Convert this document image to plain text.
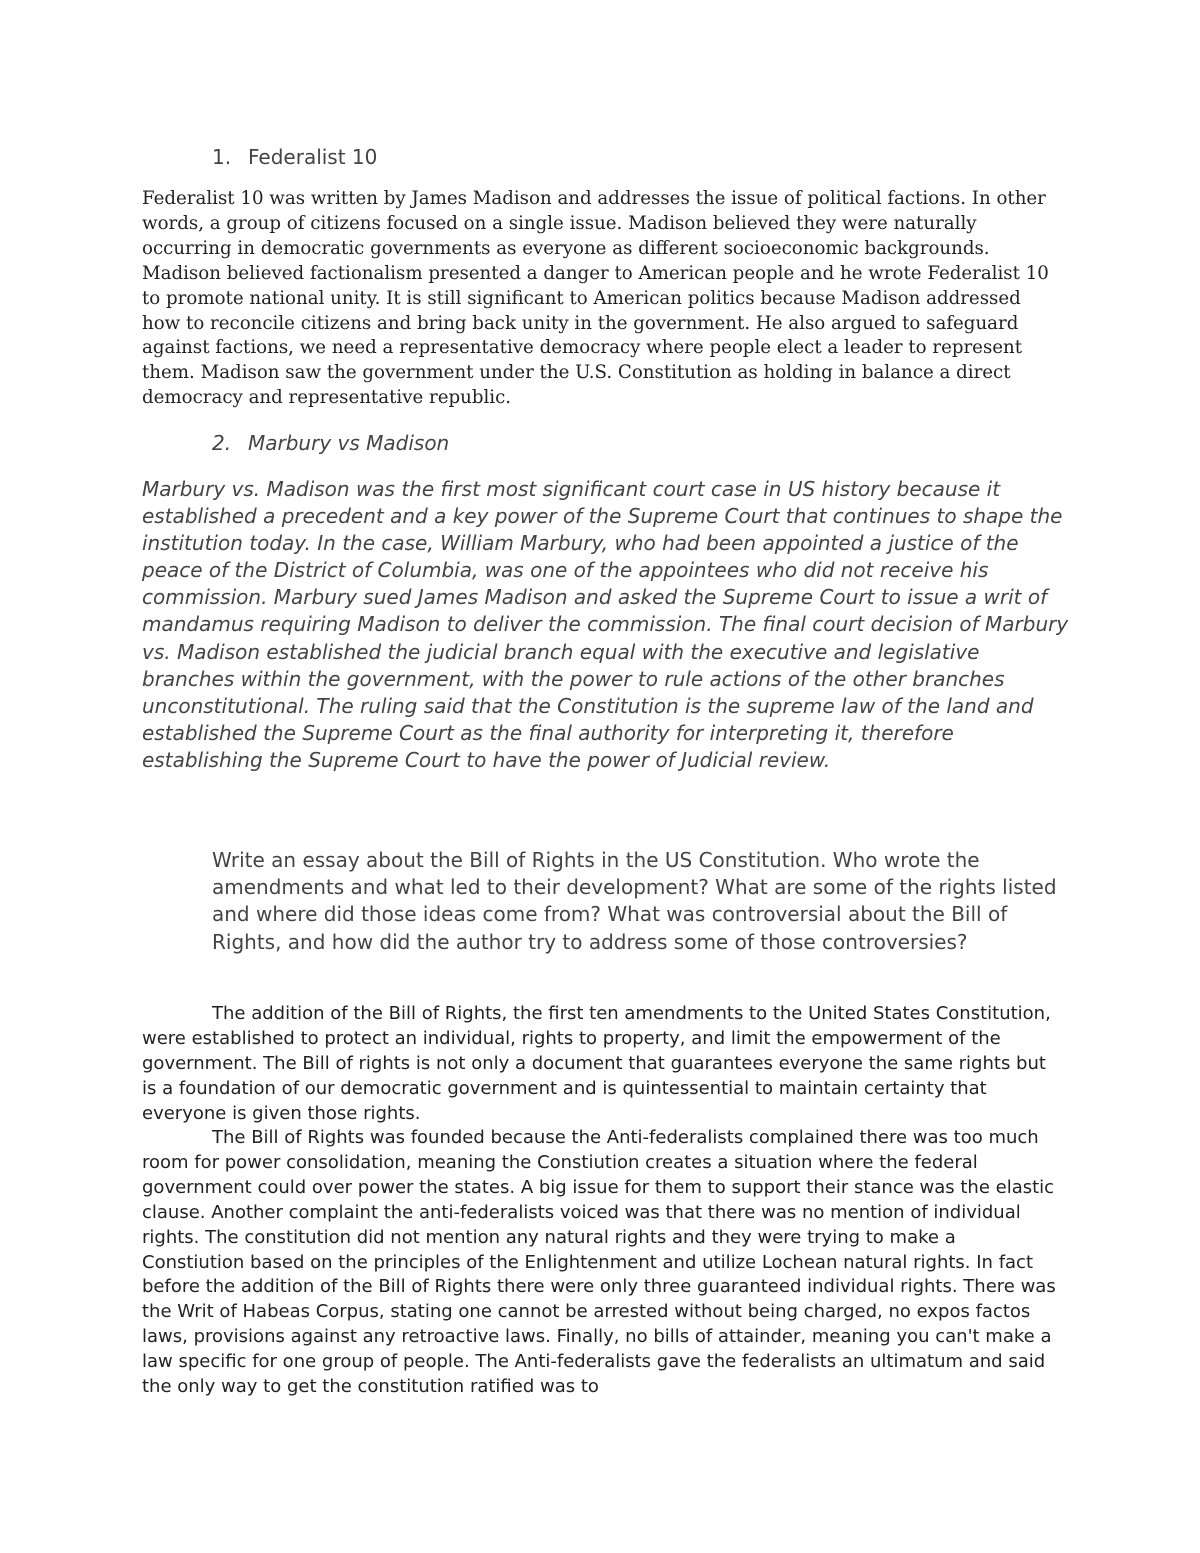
1. Federalist 10

Federalist 10 was written by James Madison and addresses the issue of political factions. In other words, a group of citizens focused on a single issue. Madison believed they were naturally occurring in democratic governments as everyone as different socioeconomic backgrounds. Madison believed factionalism presented a danger to American people and he wrote Federalist 10 to promote national unity. It is still significant to American politics because Madison addressed how to reconcile citizens and bring back unity in the government. He also argued to safeguard against factions, we need a representative democracy where people elect a leader to represent them. Madison saw the government under the U.S. Constitution as holding in balance a direct democracy and representative republic.

2. Marbury vs Madison

Marbury vs. Madison was the first most significant court case in US history because it established a precedent and a key power of the Supreme Court that continues to shape the institution today. In the case, William Marbury, who had been appointed a justice of the peace of the District of Columbia, was one of the appointees who did not receive his commission. Marbury sued James Madison and asked the Supreme Court to issue a writ of mandamus requiring Madison to deliver the commission. The final court decision of Marbury vs. Madison established the judicial branch equal with the executive and legislative branches within the government, with the power to rule actions of the other branches unconstitutional. The ruling said that the Constitution is the supreme law of the land and established the Supreme Court as the final authority for interpreting it, therefore establishing the Supreme Court to have the power of Judicial review.

Write an essay about the Bill of Rights in the US Constitution. Who wrote the amendments and what led to their development? What are some of the rights listed and where did those ideas come from? What was controversial about the Bill of Rights, and how did the author try to address some of those controversies?

The addition of the Bill of Rights, the first ten amendments to the United States Constitution, were established to protect an individual, rights to property, and limit the empowerment of the government. The Bill of rights is not only a document that guarantees everyone the same rights but is a foundation of our democratic government and is quintessential to maintain certainty that everyone is given those rights.

The Bill of Rights was founded because the Anti-federalists complained there was too much room for power consolidation, meaning the Constiution creates a situation where the federal government could over power the states. A big issue for them to support their stance was the elastic clause. Another complaint the anti-federalists voiced was that there was no mention of individual rights. The constitution did not mention any natural rights and they were trying to make a Constiution based on the principles of the Enlightenment and utilize Lochean natural rights. In fact before the addition of the Bill of Rights there were only three guaranteed individual rights. There was the Writ of Habeas Corpus, stating one cannot be arrested without being charged, no expos factos laws, provisions against any retroactive laws. Finally, no bills of attainder, meaning you can't make a law specific for one group of people. The Anti-federalists gave the federalists an ultimatum and said the only way to get the constitution ratified was to
